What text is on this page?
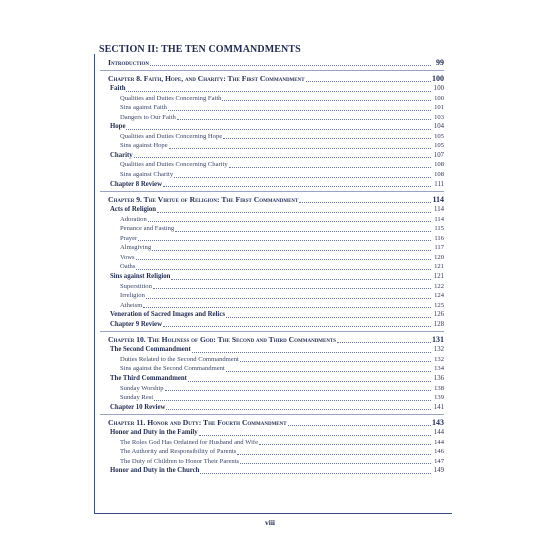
SECTION II: THE TEN COMMANDMENTS
Introduction	99
Chapter 8. Faith, Hope, and Charity: The First Commandment	100
Faith	100
Qualities and Duties Concerning Faith	100
Sins against Faith	101
Dangers to Our Faith	103
Hope	104
Qualities and Duties Concerning Hope	105
Sins against Hope	105
Charity	107
Qualities and Duties Concerning Charity	108
Sins against Charity	108
Chapter 8 Review	111
Chapter 9. The Virtue of Religion: The First Commandment	114
Acts of Religion	114
Adoration	114
Penance and Fasting	115
Prayer	116
Almsgiving	117
Vows	120
Oaths	121
Sins against Religion	121
Superstition	122
Irreligion	124
Atheism	125
Veneration of Sacred Images and Relics	126
Chapter 9 Review	128
Chapter 10. The Holiness of God: The Second and Third Commandments	131
The Second Commandment	132
Duties Related to the Second Commandment	132
Sins against the Second Commandment	134
The Third Commandment	136
Sunday Worship	138
Sunday Rest	139
Chapter 10 Review	141
Chapter 11. Honor and Duty: The Fourth Commandment	143
Honor and Duty in the Family	144
The Roles God Has Ordained for Husband and Wife	144
The Authority and Responsibility of Parents	146
The Duty of Children to Honor Their Parents	147
Honor and Duty in the Church	149
viii
